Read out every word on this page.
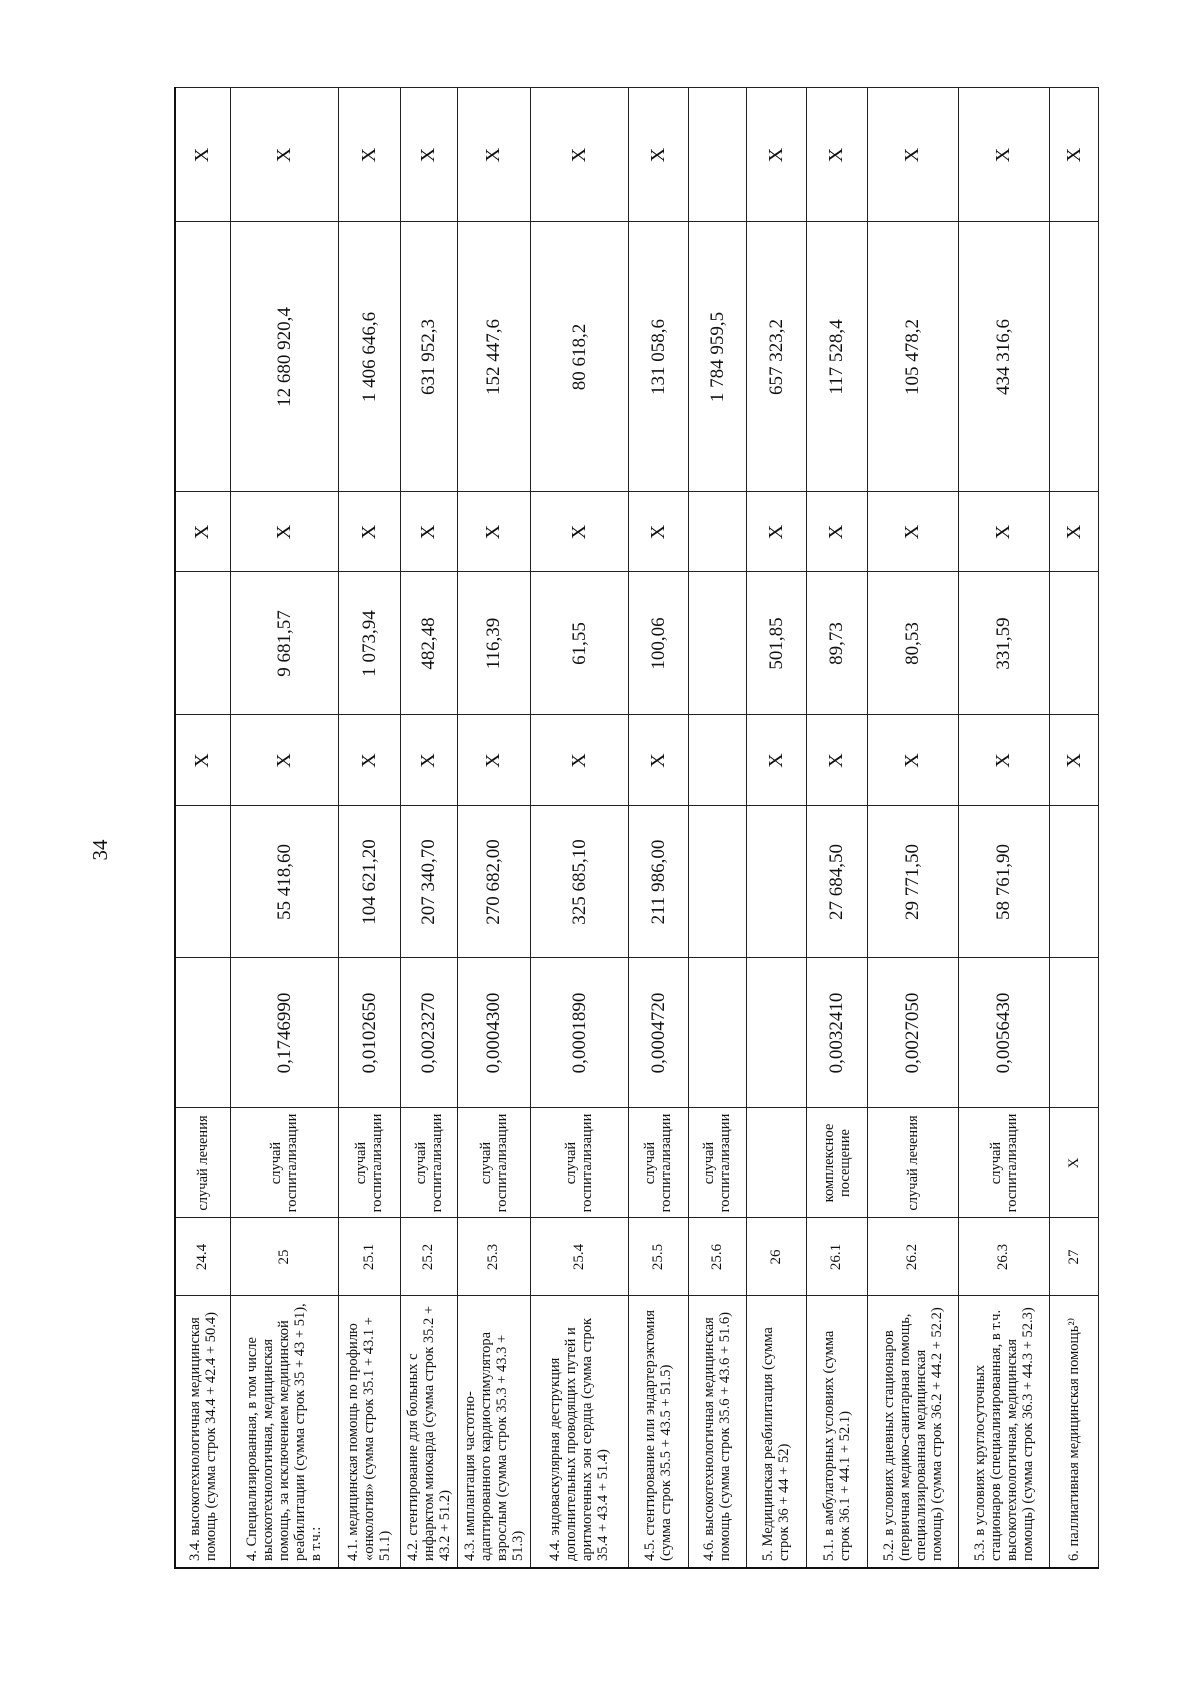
34
3.4. высокотехнологичная медицинская помощь (сумма строк 34.4 + 42.4 + 50.4)	24.4	случай лечения			Х		Х		Х
4. Специализированная, в том числе высокотехнологичная, медицинская помощь, за исключением медицинской реабилитации (сумма строк 35 + 43 + 51), в т.ч.:	25	случай госпитализации	0,1746990	55 418,60	Х	9 681,57	Х	12 680 920,4	Х
4.1. медицинская помощь по профилю «онкология» (сумма строк 35.1 + 43.1 + 51.1)	25.1	случай госпитализации	0,0102650	104 621,20	Х	1 073,94	Х	1 406 646,6	Х
4.2. стентирование для больных с инфарктом миокарда (сумма строк 35.2 + 43.2 + 51.2)	25.2	случай госпитализации	0,0023270	207 340,70	Х	482,48	Х	631 952,3	Х
4.3. имплантация частотно-адаптированного кардиостимулятора взрослым (сумма строк 35.3 + 43.3 + 51.3)	25.3	случай госпитализации	0,0004300	270 682,00	Х	116,39	Х	152 447,6	Х
4.4. эндоваскулярная деструкция дополнительных проводящих путей и аритмогенных зон сердца (сумма строк 35.4 + 43.4 + 51.4)	25.4	случай госпитализации	0,0001890	325 685,10	Х	61,55	Х	80 618,2	Х
4.5. стентирование или эндартерэктомия (сумма строк 35.5 + 43.5 + 51.5)	25.5	случай госпитализации	0,0004720	211 986,00	Х	100,06	Х	131 058,6	Х
4.6. высокотехнологичная медицинская помощь (сумма строк 35.6 + 43.6 + 51.6)	25.6	случай госпитализации						1 784 959,5	
5. Медицинская реабилитация (сумма строк 36 + 44 + 52)	26				Х	501,85	Х	657 323,2	Х
5.1. в амбулаторных условиях (сумма строк 36.1 + 44.1 + 52.1)	26.1	комплексное посещение	0,0032410	27 684,50	Х	89,73	Х	117 528,4	Х
5.2. в условиях дневных стационаров (первичная медико-санитарная помощь, специализированная медицинская помощь) (сумма строк 36.2 + 44.2 + 52.2)	26.2	случай лечения	0,0027050	29 771,50	Х	80,53	Х	105 478,2	Х
5.3. в условиях круглосуточных стационаров (специализированная, в т.ч. высокотехнологичная, медицинская помощь) (сумма строк 36.3 + 44.3 + 52.3)	26.3	случай госпитализации	0,0056430	58 761,90	Х	331,59	Х	434 316,6	Х
6. паллиативная медицинская помощь²⁾	27	Х			Х		Х		Х
